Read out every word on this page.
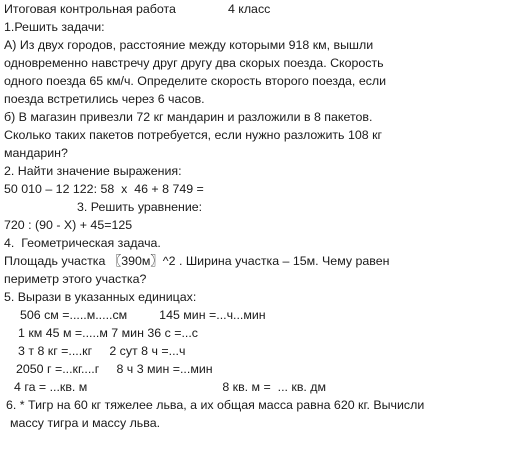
Итоговая контрольная работа	4 класс
1.Решить задачи:
А) Из двух городов, расстояние между которыми 918 км, вышли
одновременно навстречу друг другу два скорых поезда. Скорость
одного поезда 65 км/ч. Определите скорость второго поезда, если
поезда встретились через 6 часов.
б) В магазин привезли 72 кг мандарин и разложили в 8 пакетов.
Сколько таких пакетов потребуется, если нужно разложить 108 кг
мандарин?
2. Найти значение выражения:
50 010 – 12 122: 58  х  46 + 8 749 =
3. Решить уравнение:
720 : (90 - Х) + 45=125
4.  Геометрическая задача.
Площадь участка 〖390м〗^2 . Ширина участка – 15м. Чему равен
периметр этого участка?
5. Вырази в указанных единицах:
506 см =.....м.....см	145 мин =...ч...мин
1 км 45 м =.....м 7 мин 36 с =...с
3 т 8 кг =....кг     2 сут 8 ч =...ч
2050 г =...кг....г     8 ч 3 мин =...мин
4 га = ...кв. м	8 кв. м =  ... кв. дм
6. * Тигр на 60 кг тяжелее льва, а их общая масса равна 620 кг. Вычисли
массу тигра и массу льва.
